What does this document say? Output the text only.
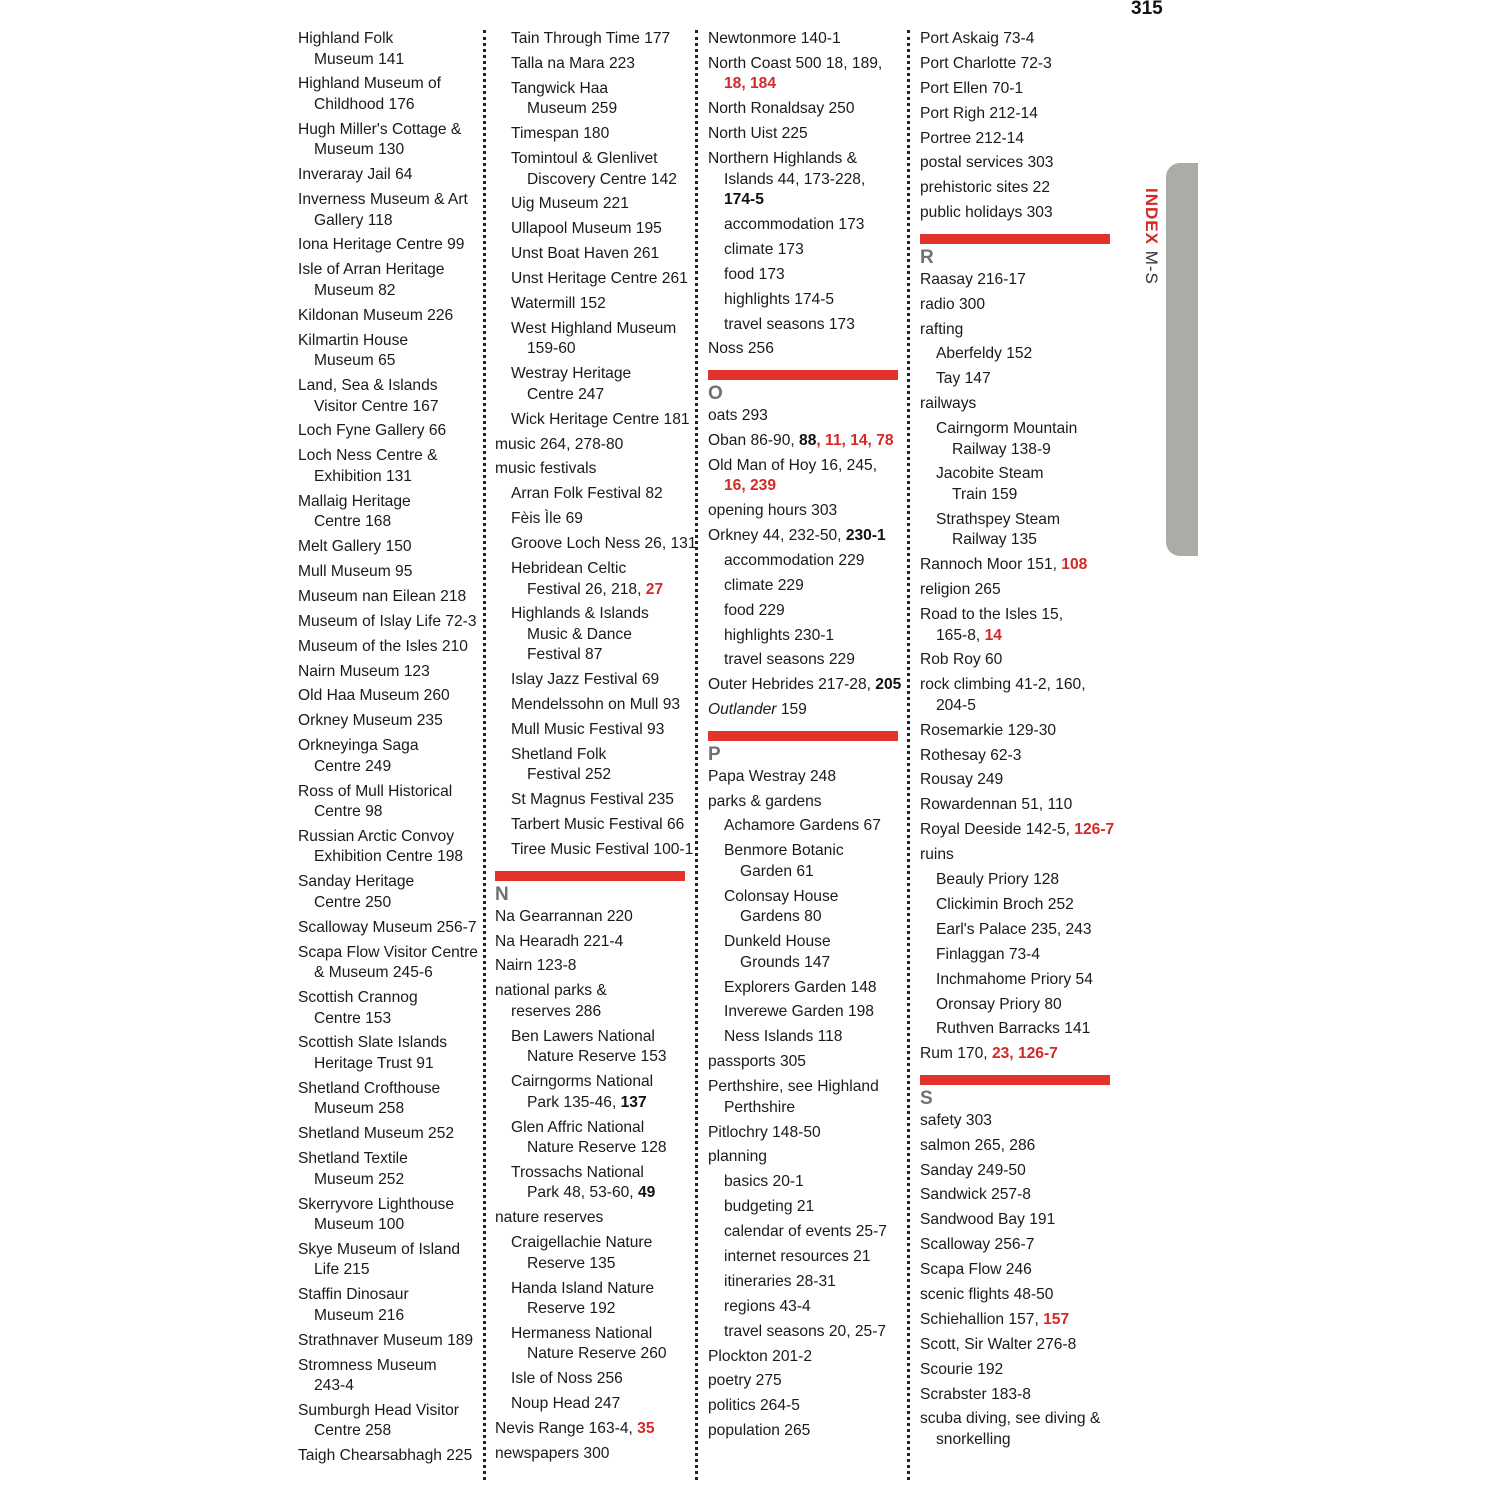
315
INDEX M-S
Highland Folk
Museum 141
Highland Museum of
Childhood 176
Hugh Miller's Cottage &
Museum 130
Inveraray Jail 64
Inverness Museum & Art
Gallery 118
Iona Heritage Centre 99
Isle of Arran Heritage
Museum 82
Kildonan Museum 226
Kilmartin House
Museum 65
Land, Sea & Islands
Visitor Centre 167
Loch Fyne Gallery 66
Loch Ness Centre &
Exhibition 131
Mallaig Heritage
Centre 168
Melt Gallery 150
Mull Museum 95
Museum nan Eilean 218
Museum of Islay Life 72-3
Museum of the Isles 210
Nairn Museum 123
Old Haa Museum 260
Orkney Museum 235
Orkneyinga Saga
Centre 249
Ross of Mull Historical
Centre 98
Russian Arctic Convoy
Exhibition Centre 198
Sanday Heritage
Centre 250
Scalloway Museum 256-7
Scapa Flow Visitor Centre
& Museum 245-6
Scottish Crannog
Centre 153
Scottish Slate Islands
Heritage Trust 91
Shetland Crofthouse
Museum 258
Shetland Museum 252
Shetland Textile
Museum 252
Skerryvore Lighthouse
Museum 100
Skye Museum of Island
Life 215
Staffin Dinosaur
Museum 216
Strathnaver Museum 189
Stromness Museum
243-4
Sumburgh Head Visitor
Centre 258
Taigh Chearsabhagh 225
Tain Through Time 177
Talla na Mara 223
Tangwick Haa
Museum 259
Timespan 180
Tomintoul & Glenlivet
Discovery Centre 142
Uig Museum 221
Ullapool Museum 195
Unst Boat Haven 261
Unst Heritage Centre 261
Watermill 152
West Highland Museum
159-60
Westray Heritage
Centre 247
Wick Heritage Centre 181
music 264, 278-80
music festivals
Arran Folk Festival 82
Fèis Ìle 69
Groove Loch Ness 26, 131
Hebridean Celtic
Festival 26, 218, 27
Highlands & Islands
Music & Dance
Festival 87
Islay Jazz Festival 69
Mendelssohn on Mull 93
Mull Music Festival 93
Shetland Folk
Festival 252
St Magnus Festival 235
Tarbert Music Festival 66
Tiree Music Festival 100-1
N
Na Gearrannan 220
Na Hearadh 221-4
Nairn 123-8
national parks &
reserves 286
Ben Lawers National
Nature Reserve 153
Cairngorms National
Park 135-46, 137
Glen Affric National
Nature Reserve 128
Trossachs National
Park 48, 53-60, 49
nature reserves
Craigellachie Nature
Reserve 135
Handa Island Nature
Reserve 192
Hermaness National
Nature Reserve 260
Isle of Noss 256
Noup Head 247
Nevis Range 163-4, 35
newspapers 300
Newtonmore 140-1
North Coast 500 18, 189,
18, 184
North Ronaldsay 250
North Uist 225
Northern Highlands &
Islands 44, 173-228,
174-5
accommodation 173
climate 173
food 173
highlights 174-5
travel seasons 173
Noss 256
O
oats 293
Oban 86-90, 88, 11, 14, 78
Old Man of Hoy 16, 245,
16, 239
opening hours 303
Orkney 44, 232-50, 230-1
accommodation 229
climate 229
food 229
highlights 230-1
travel seasons 229
Outer Hebrides 217-28, 205
Outlander 159
P
Papa Westray 248
parks & gardens
Achamore Gardens 67
Benmore Botanic
Garden 61
Colonsay House
Gardens 80
Dunkeld House
Grounds 147
Explorers Garden 148
Inverewe Garden 198
Ness Islands 118
passports 305
Perthshire, see Highland
Perthshire
Pitlochry 148-50
planning
basics 20-1
budgeting 21
calendar of events 25-7
internet resources 21
itineraries 28-31
regions 43-4
travel seasons 20, 25-7
Plockton 201-2
poetry 275
politics 264-5
population 265
Port Askaig 73-4
Port Charlotte 72-3
Port Ellen 70-1
Port Righ 212-14
Portree 212-14
postal services 303
prehistoric sites 22
public holidays 303
R
Raasay 216-17
radio 300
rafting
Aberfeldy 152
Tay 147
railways
Cairngorm Mountain
Railway 138-9
Jacobite Steam
Train 159
Strathspey Steam
Railway 135
Rannoch Moor 151, 108
religion 265
Road to the Isles 15,
165-8, 14
Rob Roy 60
rock climbing 41-2, 160,
204-5
Rosemarkie 129-30
Rothesay 62-3
Rousay 249
Rowardennan 51, 110
Royal Deeside 142-5, 126-7
ruins
Beauly Priory 128
Clickimin Broch 252
Earl's Palace 235, 243
Finlaggan 73-4
Inchmahome Priory 54
Oronsay Priory 80
Ruthven Barracks 141
Rum 170, 23, 126-7
S
safety 303
salmon 265, 286
Sanday 249-50
Sandwick 257-8
Sandwood Bay 191
Scalloway 256-7
Scapa Flow 246
scenic flights 48-50
Schiehallion 157, 157
Scott, Sir Walter 276-8
Scourie 192
Scrabster 183-8
scuba diving, see diving &
snorkelling
